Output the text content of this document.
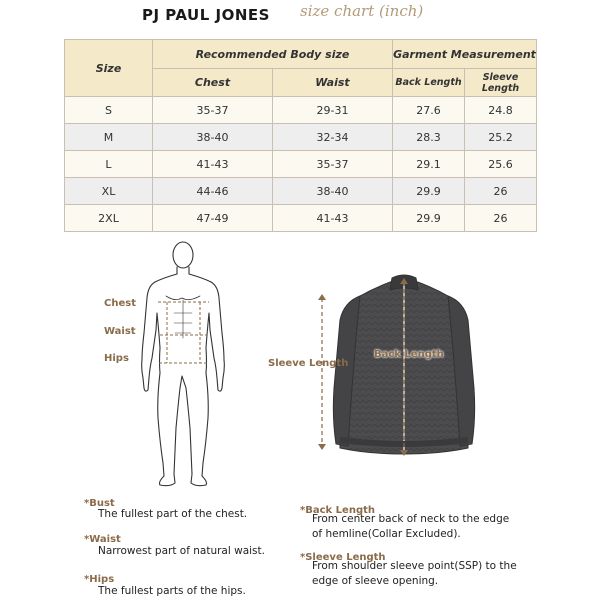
PJ PAUL JONES size chart (inch)
Size	Recommended Body size		Garment Measurement	
	Chest	Waist	Back Length	Sleeve Length
S	35-37	29-31	27.6	24.8
M	38-40	32-34	28.3	25.2
L	41-43	35-37	29.1	25.6
XL	44-46	38-40	29.9	26
2XL	47-49	41-43	29.9	26
Chest
Waist
Hips	Sleeve Length
Back Length
*Bust
The fullest part of the chest.
*Waist
Narrowest part of natural waist.
*Hips
The fullest parts of the hips.
*Back Length
From center back of neck to the edge
of hemline(Collar Excluded).
*Sleeve Length
From shoulder sleeve point(SSP) to the
edge of sleeve opening.
